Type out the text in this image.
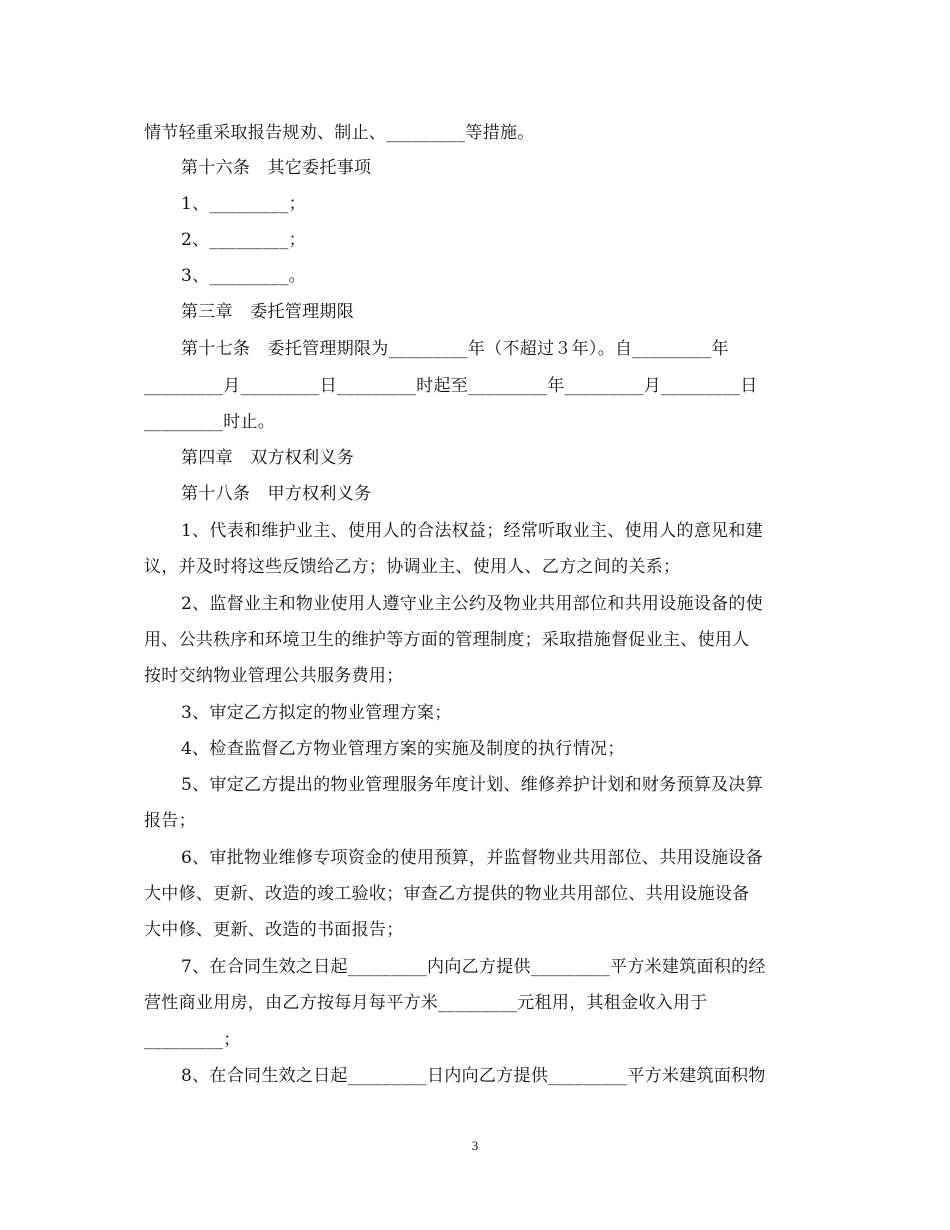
情节轻重采取报告规劝、制止、_________等措施。
第十六条　其它委托事项
1、_________；
2、_________；
3、_________。
第三章　委托管理期限
第十七条　委托管理期限为_________年（不超过３年）。自_________年
_________月_________日_________时起至_________年_________月_________日
_________时止。
第四章　双方权利义务
第十八条　甲方权利义务
1、代表和维护业主、使用人的合法权益；经常听取业主、使用人的意见和建
议，并及时将这些反馈给乙方；协调业主、使用人、乙方之间的关系；
2、监督业主和物业使用人遵守业主公约及物业共用部位和共用设施设备的使
用、公共秩序和环境卫生的维护等方面的管理制度；采取措施督促业主、使用人
按时交纳物业管理公共服务费用；
3、审定乙方拟定的物业管理方案；
4、检查监督乙方物业管理方案的实施及制度的执行情况；
5、审定乙方提出的物业管理服务年度计划、维修养护计划和财务预算及决算
报告；
6、审批物业维修专项资金的使用预算，并监督物业共用部位、共用设施设备
大中修、更新、改造的竣工验收；审查乙方提供的物业共用部位、共用设施设备
大中修、更新、改造的书面报告；
7、在合同生效之日起_________内向乙方提供_________平方米建筑面积的经
营性商业用房，由乙方按每月每平方米_________元租用，其租金收入用于
_________；
8、在合同生效之日起_________日内向乙方提供_________平方米建筑面积物
3
